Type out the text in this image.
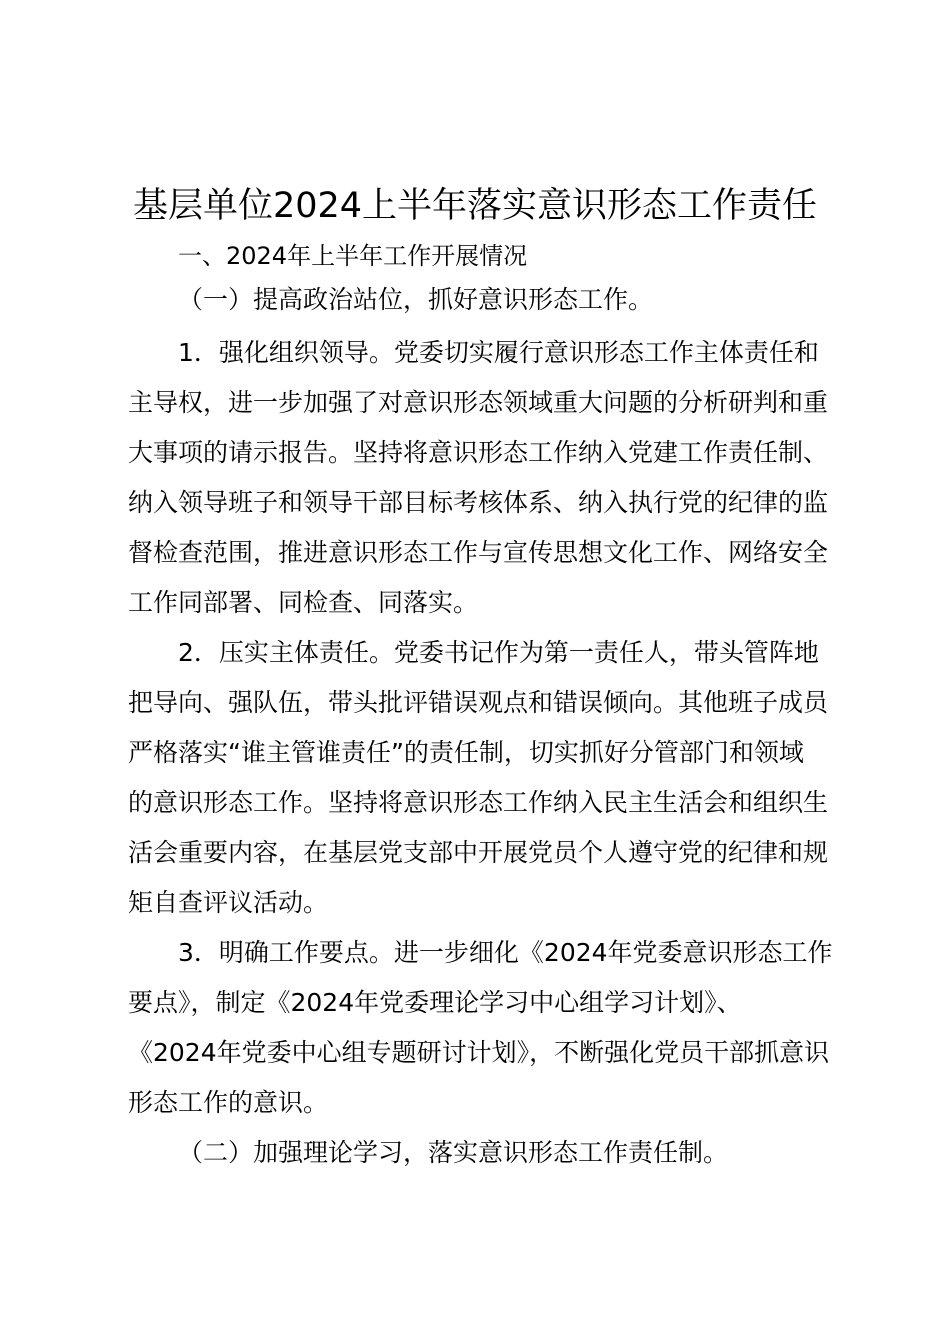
基层单位2024上半年落实意识形态工作责任

一、2024年上半年工作开展情况

（一）提高政治站位，抓好意识形态工作。

1．强化组织领导。党委切实履行意识形态工作主体责任和
主导权，进一步加强了对意识形态领域重大问题的分析研判和重
大事项的请示报告。坚持将意识形态工作纳入党建工作责任制、
纳入领导班子和领导干部目标考核体系、纳入执行党的纪律的监
督检查范围，推进意识形态工作与宣传思想文化工作、网络安全
工作同部署、同检查、同落实。

2．压实主体责任。党委书记作为第一责任人，带头管阵地
把导向、强队伍，带头批评错误观点和错误倾向。其他班子成员
严格落实“谁主管谁责任”的责任制，切实抓好分管部门和领域
的意识形态工作。坚持将意识形态工作纳入民主生活会和组织生
活会重要内容，在基层党支部中开展党员个人遵守党的纪律和规
矩自查评议活动。

3．明确工作要点。进一步细化《2024年党委意识形态工作
要点》，制定《2024年党委理论学习中心组学习计划》、
《2024年党委中心组专题研讨计划》，不断强化党员干部抓意识
形态工作的意识。

（二）加强理论学习，落实意识形态工作责任制。
